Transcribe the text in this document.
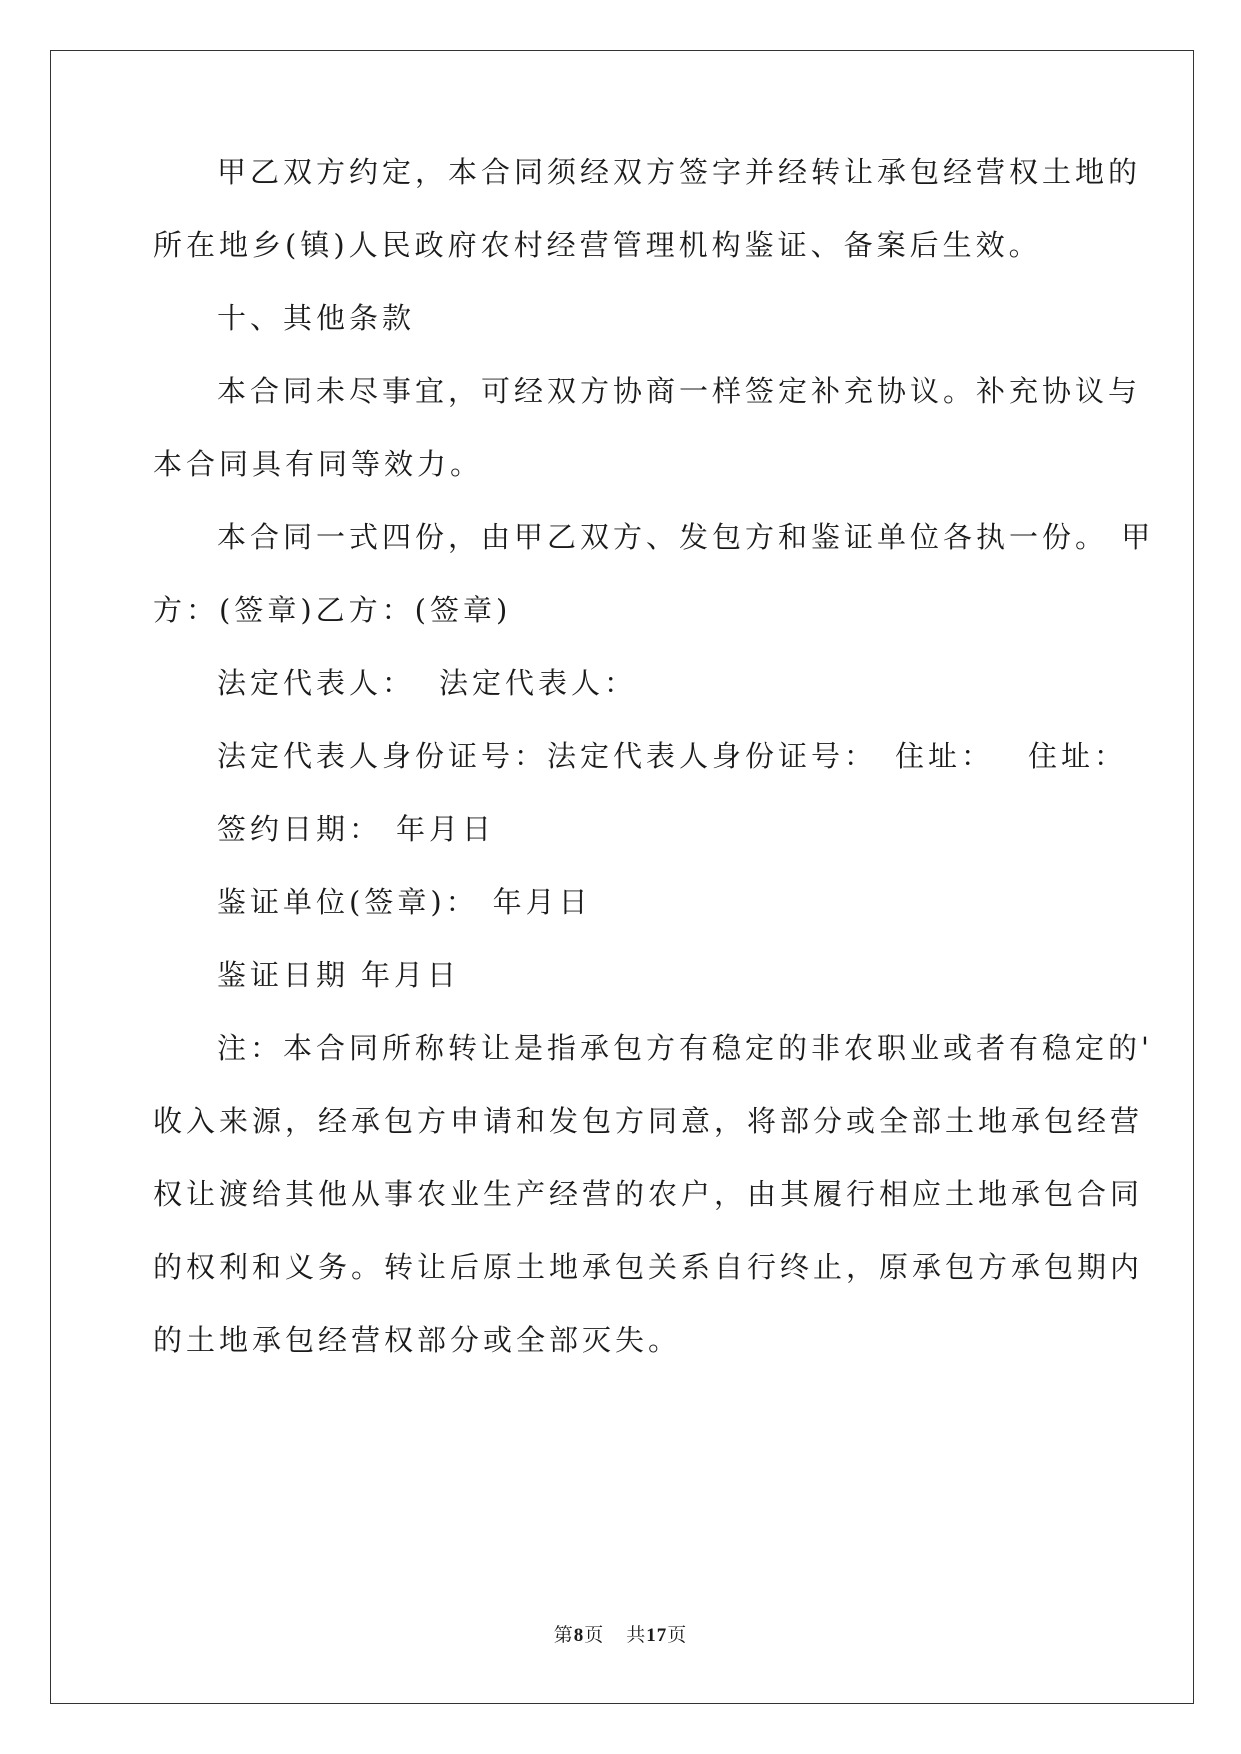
甲乙双方约定，本合同须经双方签字并经转让承包经营权土地的
所在地乡(镇)人民政府农村经营管理机构鉴证、备案后生效。
十、其他条款
本合同未尽事宜，可经双方协商一样签定补充协议。补充协议与
本合同具有同等效力。
本合同一式四份，由甲乙双方、发包方和鉴证单位各执一份。 甲
方：(签章)乙方：(签章)
法定代表人： 法定代表人：
法定代表人身份证号：法定代表人身份证号： 住址： 住址：
签约日期： 年月日
鉴证单位(签章)： 年月日
鉴证日期 年月日
注：本合同所称转让是指承包方有稳定的非农职业或者有稳定的'
收入来源，经承包方申请和发包方同意，将部分或全部土地承包经营
权让渡给其他从事农业生产经营的农户，由其履行相应土地承包合同
的权利和义务。转让后原土地承包关系自行终止，原承包方承包期内
的土地承包经营权部分或全部灭失。
第8页 共17页
